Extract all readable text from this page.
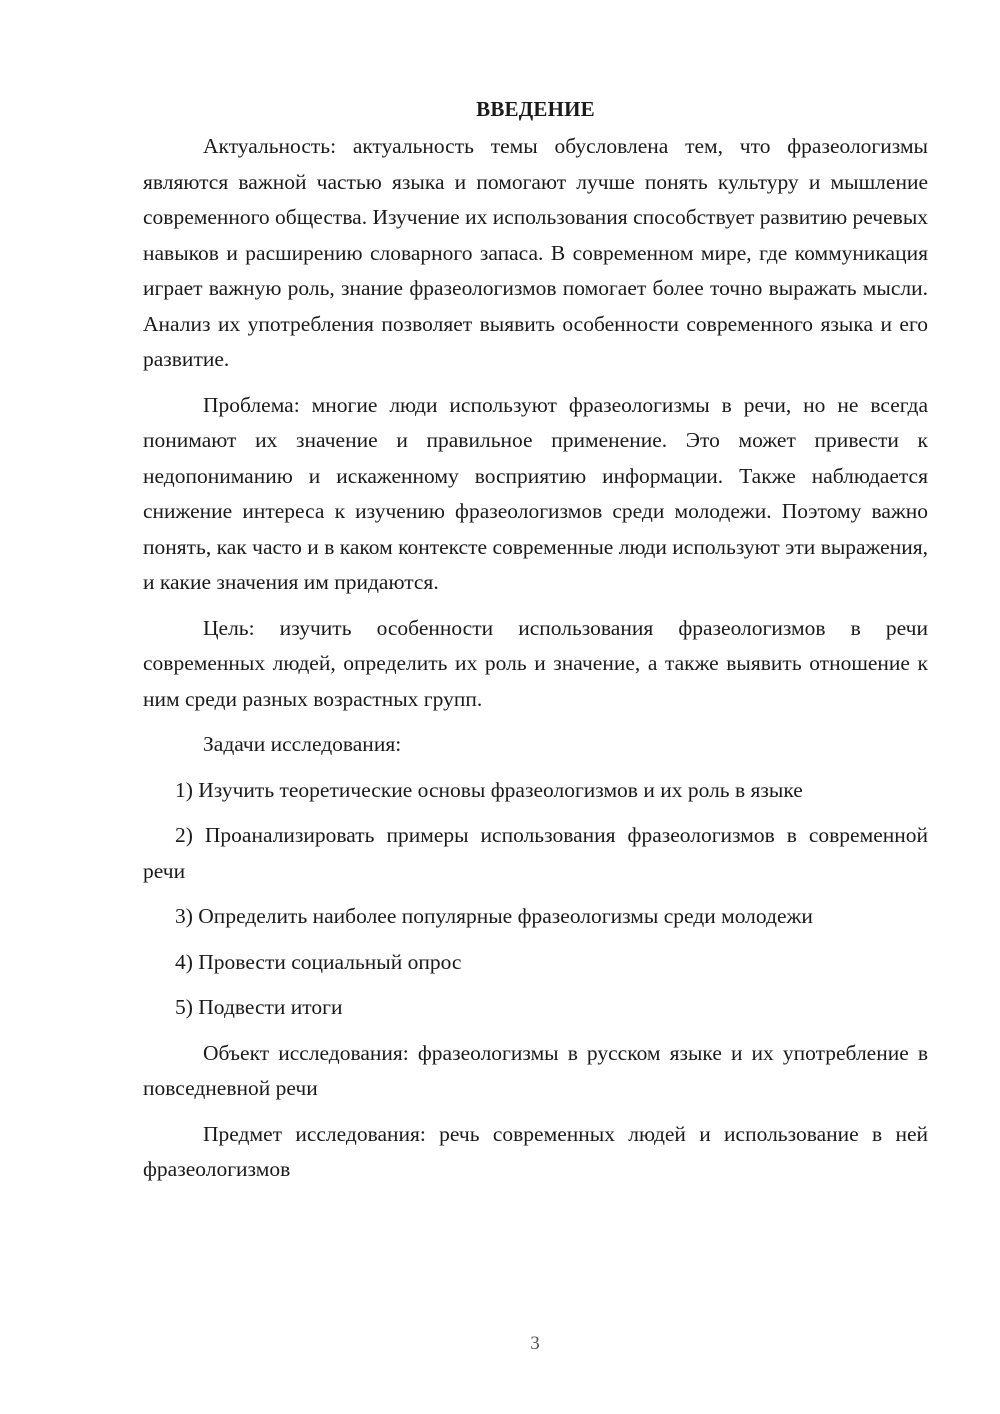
ВВЕДЕНИЕ

Актуальность: актуальность темы обусловлена тем, что фразеологизмы являются важной частью языка и помогают лучше понять культуру и мышление современного общества. Изучение их использования способствует развитию речевых навыков и расширению словарного запаса. В современном мире, где коммуникация играет важную роль, знание фразеологизмов помогает более точно выражать мысли. Анализ их употребления позволяет выявить особенности современного языка и его развитие.

Проблема: многие люди используют фразеологизмы в речи, но не всегда понимают их значение и правильное применение. Это может привести к недопониманию и искаженному восприятию информации. Также наблюдается снижение интереса к изучению фразеологизмов среди молодежи. Поэтому важно понять, как часто и в каком контексте современные люди используют эти выражения, и какие значения им придаются.

Цель: изучить особенности использования фразеологизмов в речи современных людей, определить их роль и значение, а также выявить отношение к ним среди разных возрастных групп.

Задачи исследования:

1) Изучить теоретические основы фразеологизмов и их роль в языке

2) Проанализировать примеры использования фразеологизмов в современной речи

3) Определить наиболее популярные фразеологизмы среди молодежи

4) Провести социальный опрос

5) Подвести итоги

Объект исследования: фразеологизмы в русском языке и их употребление в повседневной речи

Предмет исследования: речь современных людей и использование в ней фразеологизмов

3
